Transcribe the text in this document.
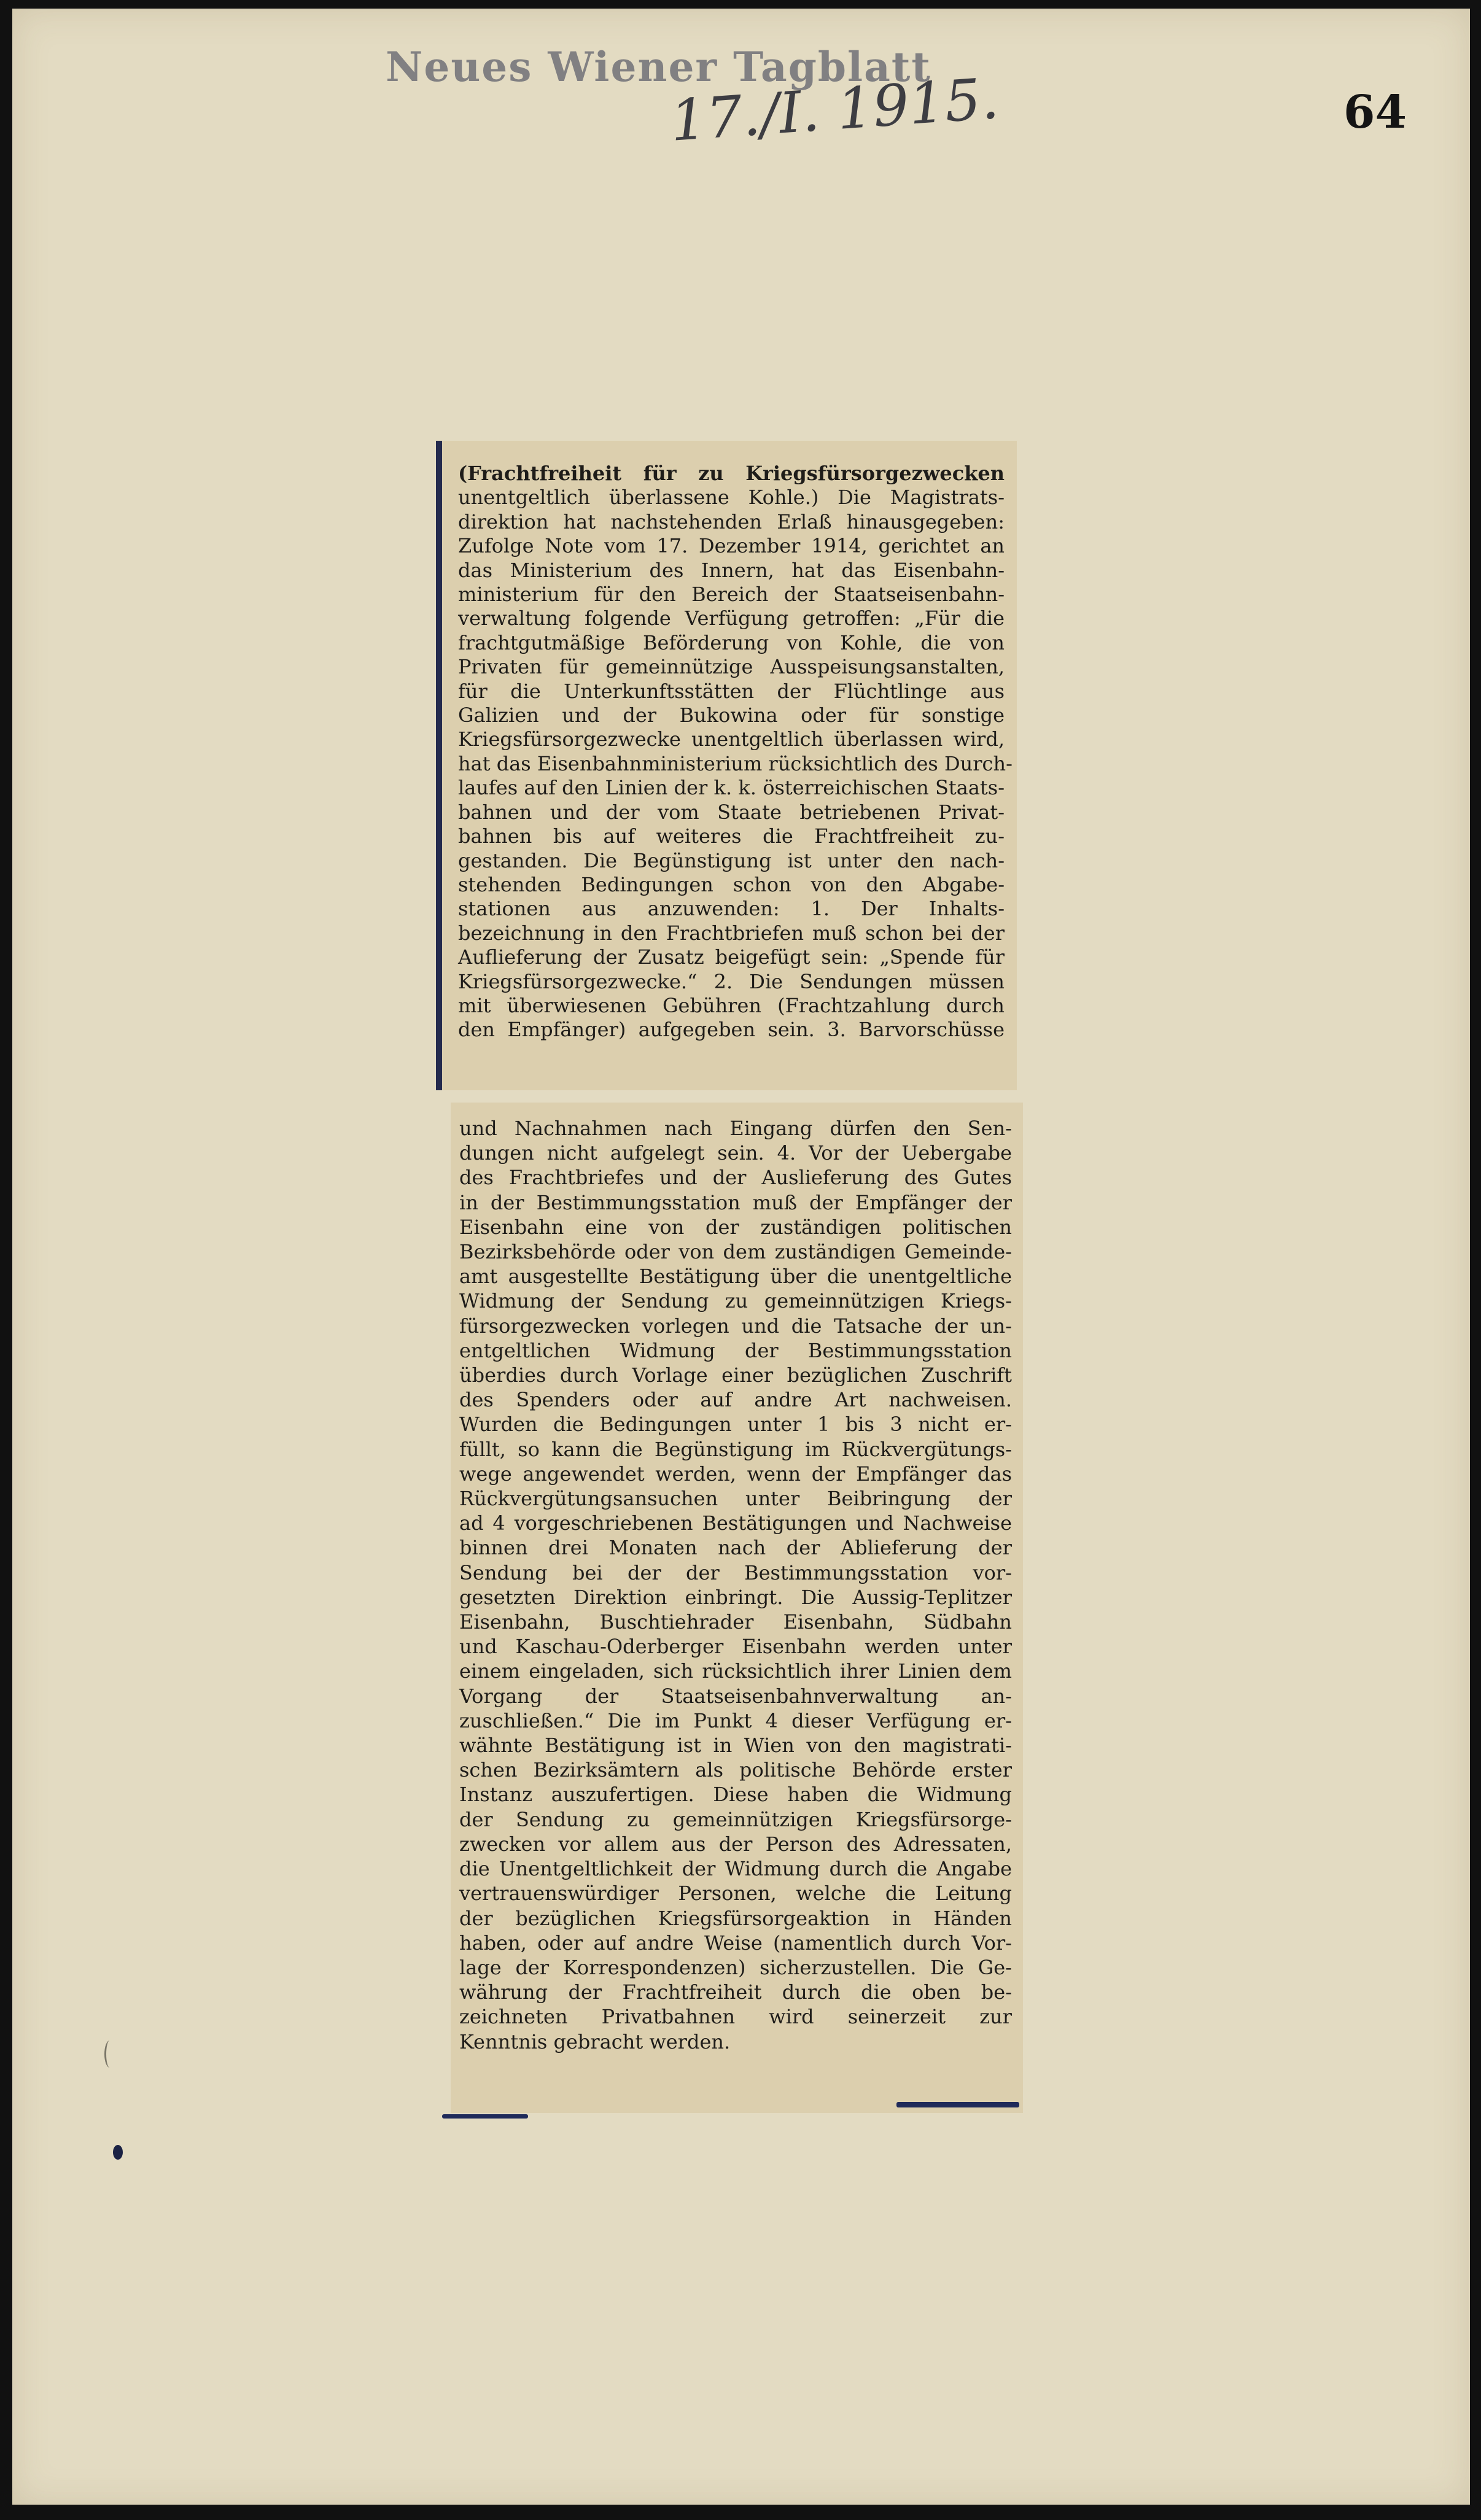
Neues Wiener Tagblatt
17./I. 1915.	64
(Frachtfreiheit für zu Kriegsfürsorgezwecken
unentgeltlich überlassene Kohle.) Die Magistrats-
direktion hat nachstehenden Erlaß hinausgegeben:
Zufolge Note vom 17. Dezember 1914, gerichtet an
das Ministerium des Innern, hat das Eisenbahn-
ministerium für den Bereich der Staatseisenbahn-
verwaltung folgende Verfügung getroffen: „Für die
frachtgutmäßige Beförderung von Kohle, die von
Privaten für gemeinnützige Ausspeisungsanstalten,
für die Unterkunftsstätten der Flüchtlinge aus
Galizien und der Bukowina oder für sonstige
Kriegsfürsorgezwecke unentgeltlich überlassen wird,
hat das Eisenbahnministerium rücksichtlich des Durch-
laufes auf den Linien der k. k. österreichischen Staats-
bahnen und der vom Staate betriebenen Privat-
bahnen bis auf weiteres die Frachtfreiheit zu-
gestanden. Die Begünstigung ist unter den nach-
stehenden Bedingungen schon von den Abgabe-
stationen aus anzuwenden: 1. Der Inhalts-
bezeichnung in den Frachtbriefen muß schon bei der
Auflieferung der Zusatz beigefügt sein: „Spende für
Kriegsfürsorgezwecke.“ 2. Die Sendungen müssen
mit überwiesenen Gebühren (Frachtzahlung durch
den Empfänger) aufgegeben sein. 3. Barvorschüsse
und Nachnahmen nach Eingang dürfen den Sen-
dungen nicht aufgelegt sein. 4. Vor der Uebergabe
des Frachtbriefes und der Auslieferung des Gutes
in der Bestimmungsstation muß der Empfänger der
Eisenbahn eine von der zuständigen politischen
Bezirksbehörde oder von dem zuständigen Gemeinde-
amt ausgestellte Bestätigung über die unentgeltliche
Widmung der Sendung zu gemeinnützigen Kriegs-
fürsorgezwecken vorlegen und die Tatsache der un-
entgeltlichen Widmung der Bestimmungsstation
überdies durch Vorlage einer bezüglichen Zuschrift
des Spenders oder auf andre Art nachweisen.
Wurden die Bedingungen unter 1 bis 3 nicht er-
füllt, so kann die Begünstigung im Rückvergütungs-
wege angewendet werden, wenn der Empfänger das
Rückvergütungsansuchen unter Beibringung der
ad 4 vorgeschriebenen Bestätigungen und Nachweise
binnen drei Monaten nach der Ablieferung der
Sendung bei der der Bestimmungsstation vor-
gesetzten Direktion einbringt. Die Aussig-Teplitzer
Eisenbahn, Buschtiehrader Eisenbahn, Südbahn
und Kaschau-Oderberger Eisenbahn werden unter
einem eingeladen, sich rücksichtlich ihrer Linien dem
Vorgang der Staatseisenbahnverwaltung an-
zuschließen.“ Die im Punkt 4 dieser Verfügung er-
wähnte Bestätigung ist in Wien von den magistrati-
schen Bezirksämtern als politische Behörde erster
Instanz auszufertigen. Diese haben die Widmung
der Sendung zu gemeinnützigen Kriegsfürsorge-
zwecken vor allem aus der Person des Adressaten,
die Unentgeltlichkeit der Widmung durch die Angabe
vertrauenswürdiger Personen, welche die Leitung
der bezüglichen Kriegsfürsorgeaktion in Händen
haben, oder auf andre Weise (namentlich durch Vor-
lage der Korrespondenzen) sicherzustellen. Die Ge-
währung der Frachtfreiheit durch die oben be-
zeichneten Privatbahnen wird seinerzeit zur
Kenntnis gebracht werden.
